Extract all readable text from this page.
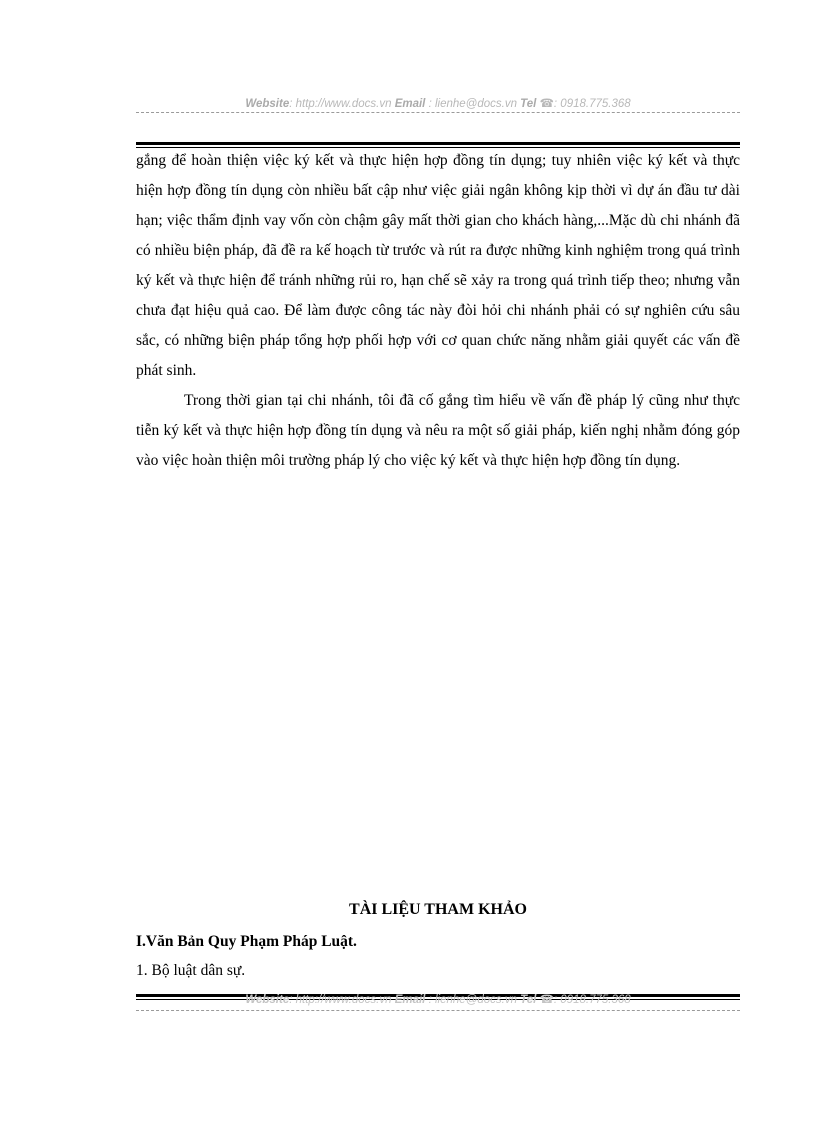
Website: http://www.docs.vn Email : lienhe@docs.vn Tel ☎: 0918.775.368

gắng để hoàn thiện việc ký kết và thực hiện hợp đồng tín dụng; tuy nhiên việc ký kết và thực hiện hợp đồng tín dụng còn nhiều bất cập như việc giải ngân không kịp thời vì dự án đầu tư dài hạn; việc thẩm định vay vốn còn chậm gây mất thời gian cho khách hàng,...Mặc dù chi nhánh đã có nhiều biện pháp, đã đề ra kế hoạch từ trước và rút ra được những kinh nghiệm trong quá trình ký kết và thực hiện để tránh những rủi ro, hạn chế sẽ xảy ra trong quá trình tiếp theo; nhưng vẫn chưa đạt hiệu quả cao. Để làm được công tác này đòi hỏi chi nhánh phải có sự nghiên cứu sâu sắc, có những biện pháp tổng hợp phối hợp với cơ quan chức năng nhằm giải quyết các vấn đề phát sinh.

Trong thời gian tại chi nhánh, tôi đã cố gắng tìm hiểu về vấn đề pháp lý cũng như thực tiễn ký kết và thực hiện hợp đồng tín dụng và nêu ra một số giải pháp, kiến nghị nhằm đóng góp vào việc hoàn thiện môi trường pháp lý cho việc ký kết và thực hiện hợp đồng tín dụng.

TÀI LIỆU THAM KHẢO
I.Văn Bản Quy Phạm Pháp Luật.
1. Bộ luật dân sự.
Website: http://www.docs.vn Email : lienhe@docs.vn Tel ☎: 0918.775.368
